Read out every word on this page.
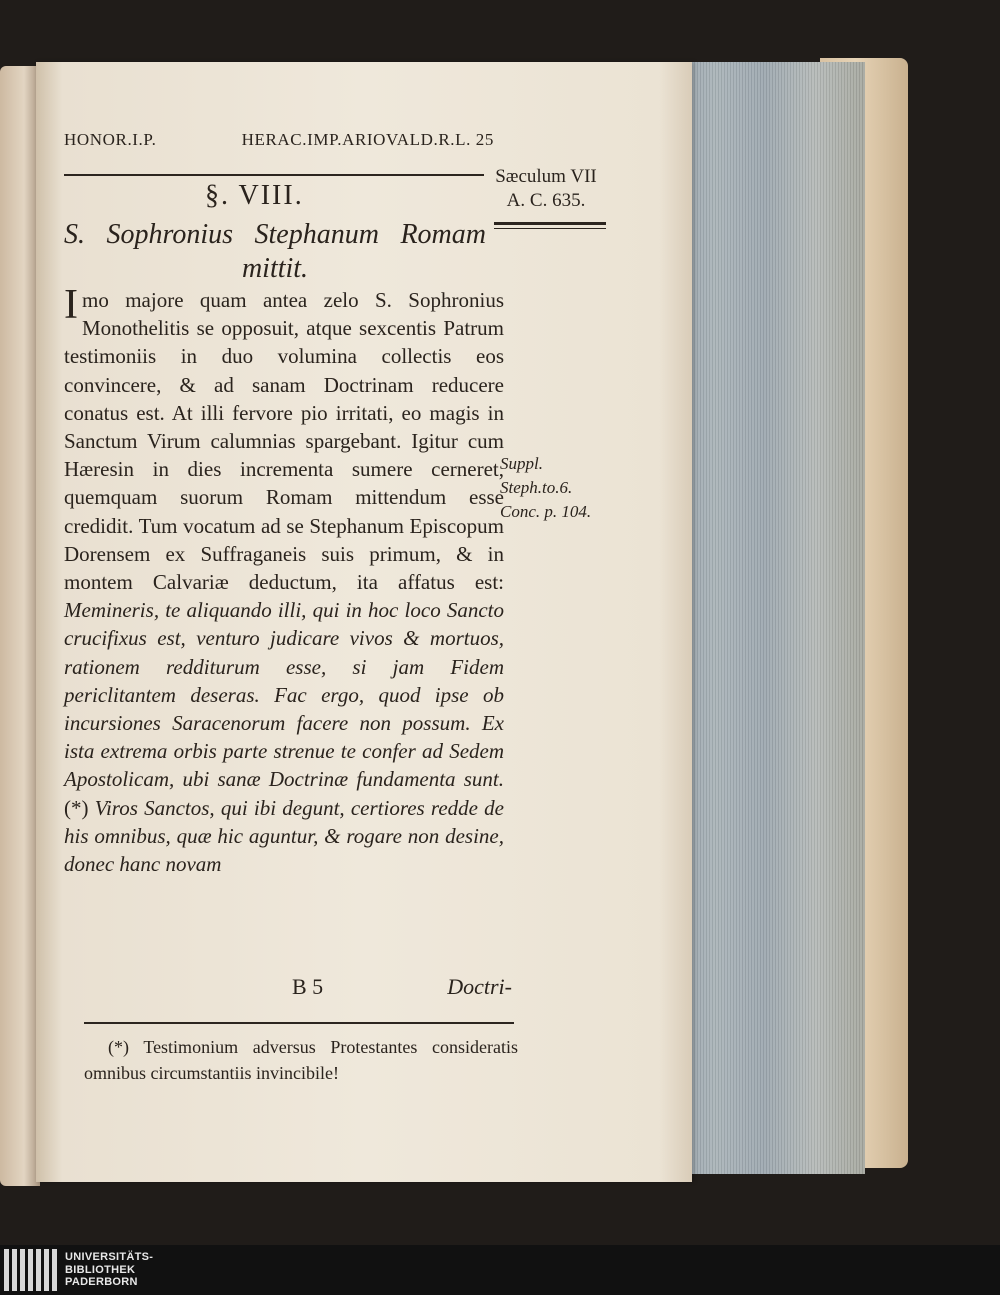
HONOR.I.P.	HERAC.IMP.ARIOVALD.R.L. 25
Sæculum VII
A. C. 635.
§. VIII.
S. Sophronius Stephanum Romam mittit.
Imo majore quam antea zelo S. Sophronius Monothelitis se opposuit, atque sexcentis Patrum testimoniis in duo volumina collectis eos convincere, & ad sanam Doctrinam reducere conatus est. At illi fervore pio irritati, eo magis in Sanctum Virum calumnias spargebant. Igitur cum Hæresin in dies incrementa sumere cerneret, quemquam suorum Romam mittendum esse credidit. Tum vocatum ad se Stephanum Episcopum Dorensem ex Suffraganeis suis primum, & in montem Calvariæ deductum, ita affatus est: Memineris, te aliquando illi, qui in hoc loco Sancto crucifixus est, venturo judicare vivos & mortuos, rationem redditurum esse, si jam Fidem periclitantem deseras. Fac ergo, quod ipse ob incursiones Saracenorum facere non possum. Ex ista extrema orbis parte strenue te confer ad Sedem Apostolicam, ubi sanæ Doctrinæ fundamenta sunt. (*) Viros Sanctos, qui ibi degunt, certiores redde de his omnibus, quæ hic aguntur, & rogare non desine, donec hanc novam
B 5	Doctri-
Suppl.
Steph.to.6.
Conc. p. 104.
(*) Testimonium adversus Protestantes consideratis omnibus circumstantiis invincibile!
UNIVERSITÄTS-
BIBLIOTHEK
PADERBORN
